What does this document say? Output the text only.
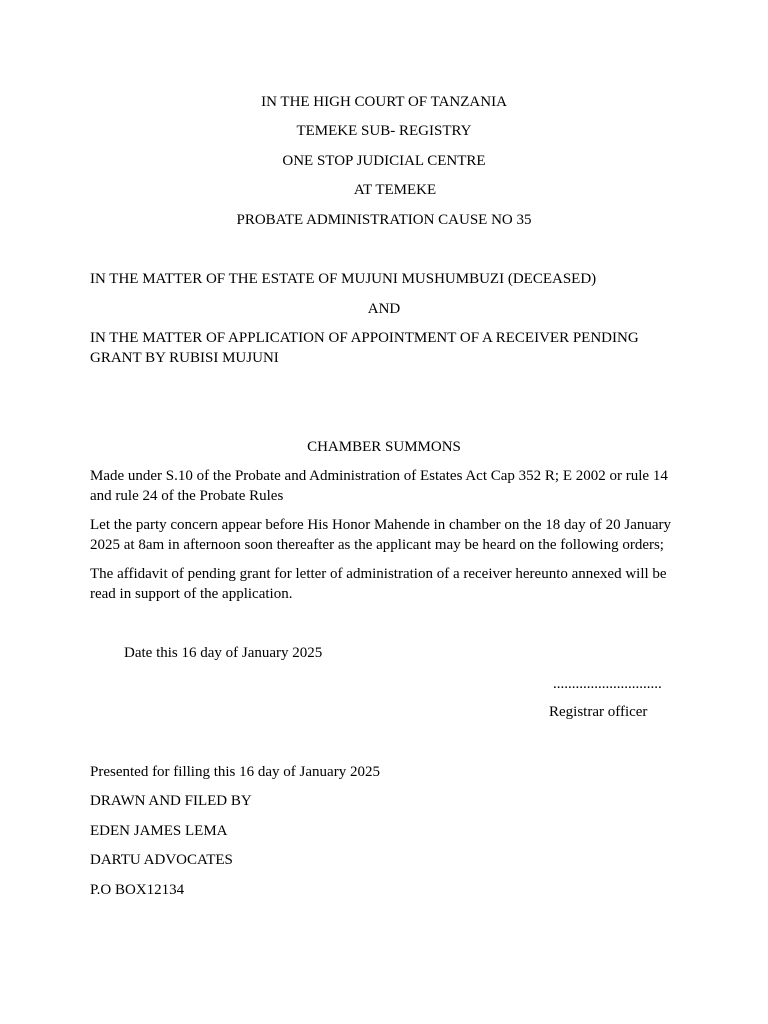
IN THE HIGH COURT OF TANZANIA
TEMEKE SUB- REGISTRY
ONE STOP JUDICIAL CENTRE
AT TEMEKE
PROBATE ADMINISTRATION CAUSE NO 35
IN THE MATTER OF THE ESTATE OF MUJUNI MUSHUMBUZI (DECEASED)
AND
IN THE MATTER OF APPLICATION OF APPOINTMENT OF A RECEIVER PENDING GRANT BY RUBISI MUJUNI
CHAMBER SUMMONS
Made under S.10 of the Probate and Administration of Estates Act Cap 352 R; E 2002 or rule 14 and rule 24 of the Probate Rules
Let the party concern appear before His Honor Mahende in chamber on the 18 day of 20 January 2025 at 8am in afternoon soon thereafter as the applicant may be heard on the following orders;
The affidavit of pending grant for letter of administration of a receiver hereunto annexed will be read in support of the application.
Date this 16 day of January 2025
.............................
Registrar officer
Presented for filling this 16 day of January 2025
DRAWN AND FILED BY
EDEN JAMES LEMA
DARTU ADVOCATES
P.O BOX12134
